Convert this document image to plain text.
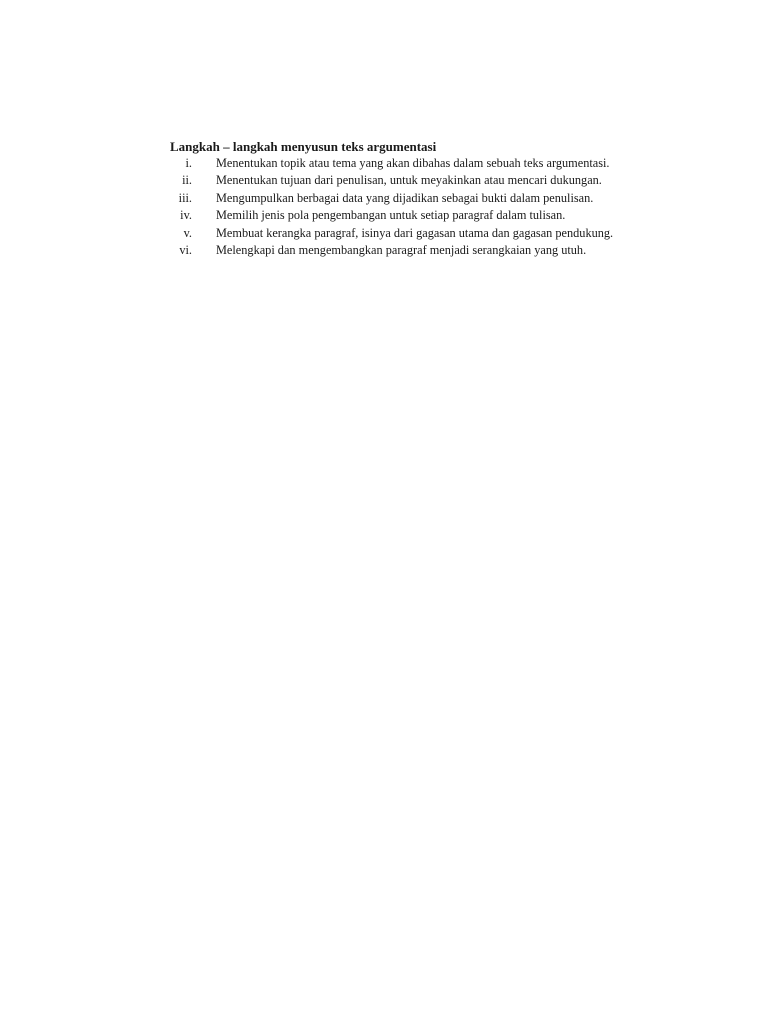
Langkah – langkah menyusun teks argumentasi
i. Menentukan topik atau tema yang akan dibahas dalam sebuah teks argumentasi.
ii. Menentukan tujuan dari penulisan, untuk meyakinkan atau mencari dukungan.
iii. Mengumpulkan berbagai data yang dijadikan sebagai bukti dalam penulisan.
iv. Memilih jenis pola pengembangan untuk setiap paragraf dalam tulisan.
v. Membuat kerangka paragraf, isinya dari gagasan utama dan gagasan pendukung.
vi. Melengkapi dan mengembangkan paragraf menjadi serangkaian yang utuh.
